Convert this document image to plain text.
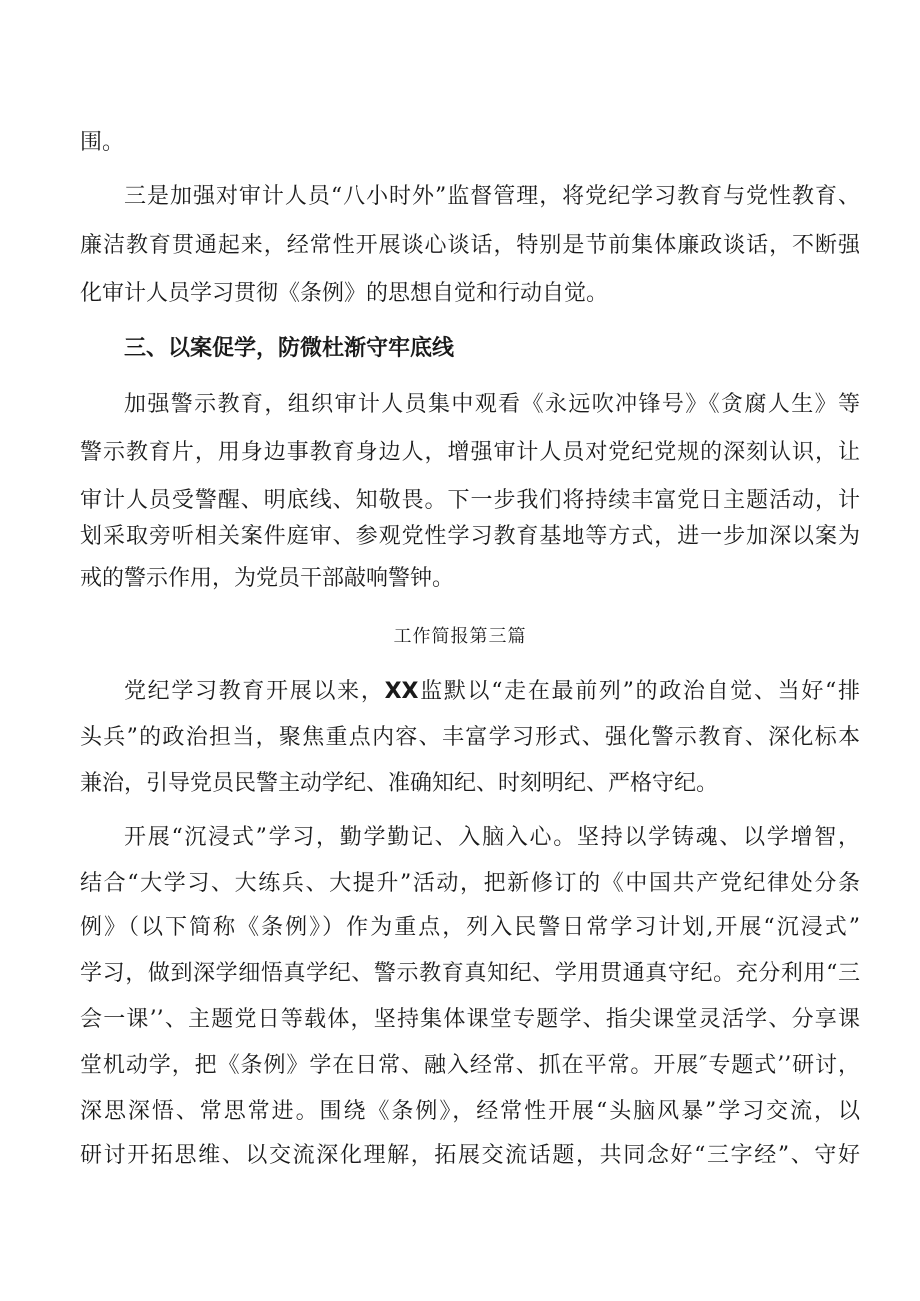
围。
三是加强对审计人员“八小时外”监督管理，将党纪学习教育与党性教育、
廉洁教育贯通起来，经常性开展谈心谈话，特别是节前集体廉政谈话，不断强
化审计人员学习贯彻《条例》的思想自觉和行动自觉。
三、以案促学，防微杜渐守牢底线
加强警示教育，组织审计人员集中观看《永远吹冲锋号》《贪腐人生》等
警示教育片，用身边事教育身边人，增强审计人员对党纪党规的深刻认识，让
审计人员受警醒、明底线、知敬畏。下一步我们将持续丰富党日主题活动，计
划采取旁听相关案件庭审、参观党性学习教育基地等方式，进一步加深以案为
戒的警示作用，为党员干部敲响警钟。
工作简报第三篇
党纪学习教育开展以来，XX监默以“走在最前列”的政治自觉、当好“排
头兵”的政治担当，聚焦重点内容、丰富学习形式、强化警示教育、深化标本
兼治，引导党员民警主动学纪、准确知纪、时刻明纪、严格守纪。
开展“沉浸式”学习，勤学勤记、入脑入心。坚持以学铸魂、以学增智，
结合“大学习、大练兵、大提升”活动，把新修订的《中国共产党纪律处分条
例》（以下简称《条例》）作为重点，列入民警日常学习计划,开展“沉浸式”
学习，做到深学细悟真学纪、警示教育真知纪、学用贯通真守纪。充分利用“三
会一课’’、主题党日等载体，坚持集体课堂专题学、指尖课堂灵活学、分享课
堂机动学，把《条例》学在日常、融入经常、抓在平常。开展″专题式’’研讨，
深思深悟、常思常进。围绕《条例》，经常性开展“头脑风暴”学习交流，以
研讨开拓思维、以交流深化理解，拓展交流话题，共同念好“三字经”、守好
